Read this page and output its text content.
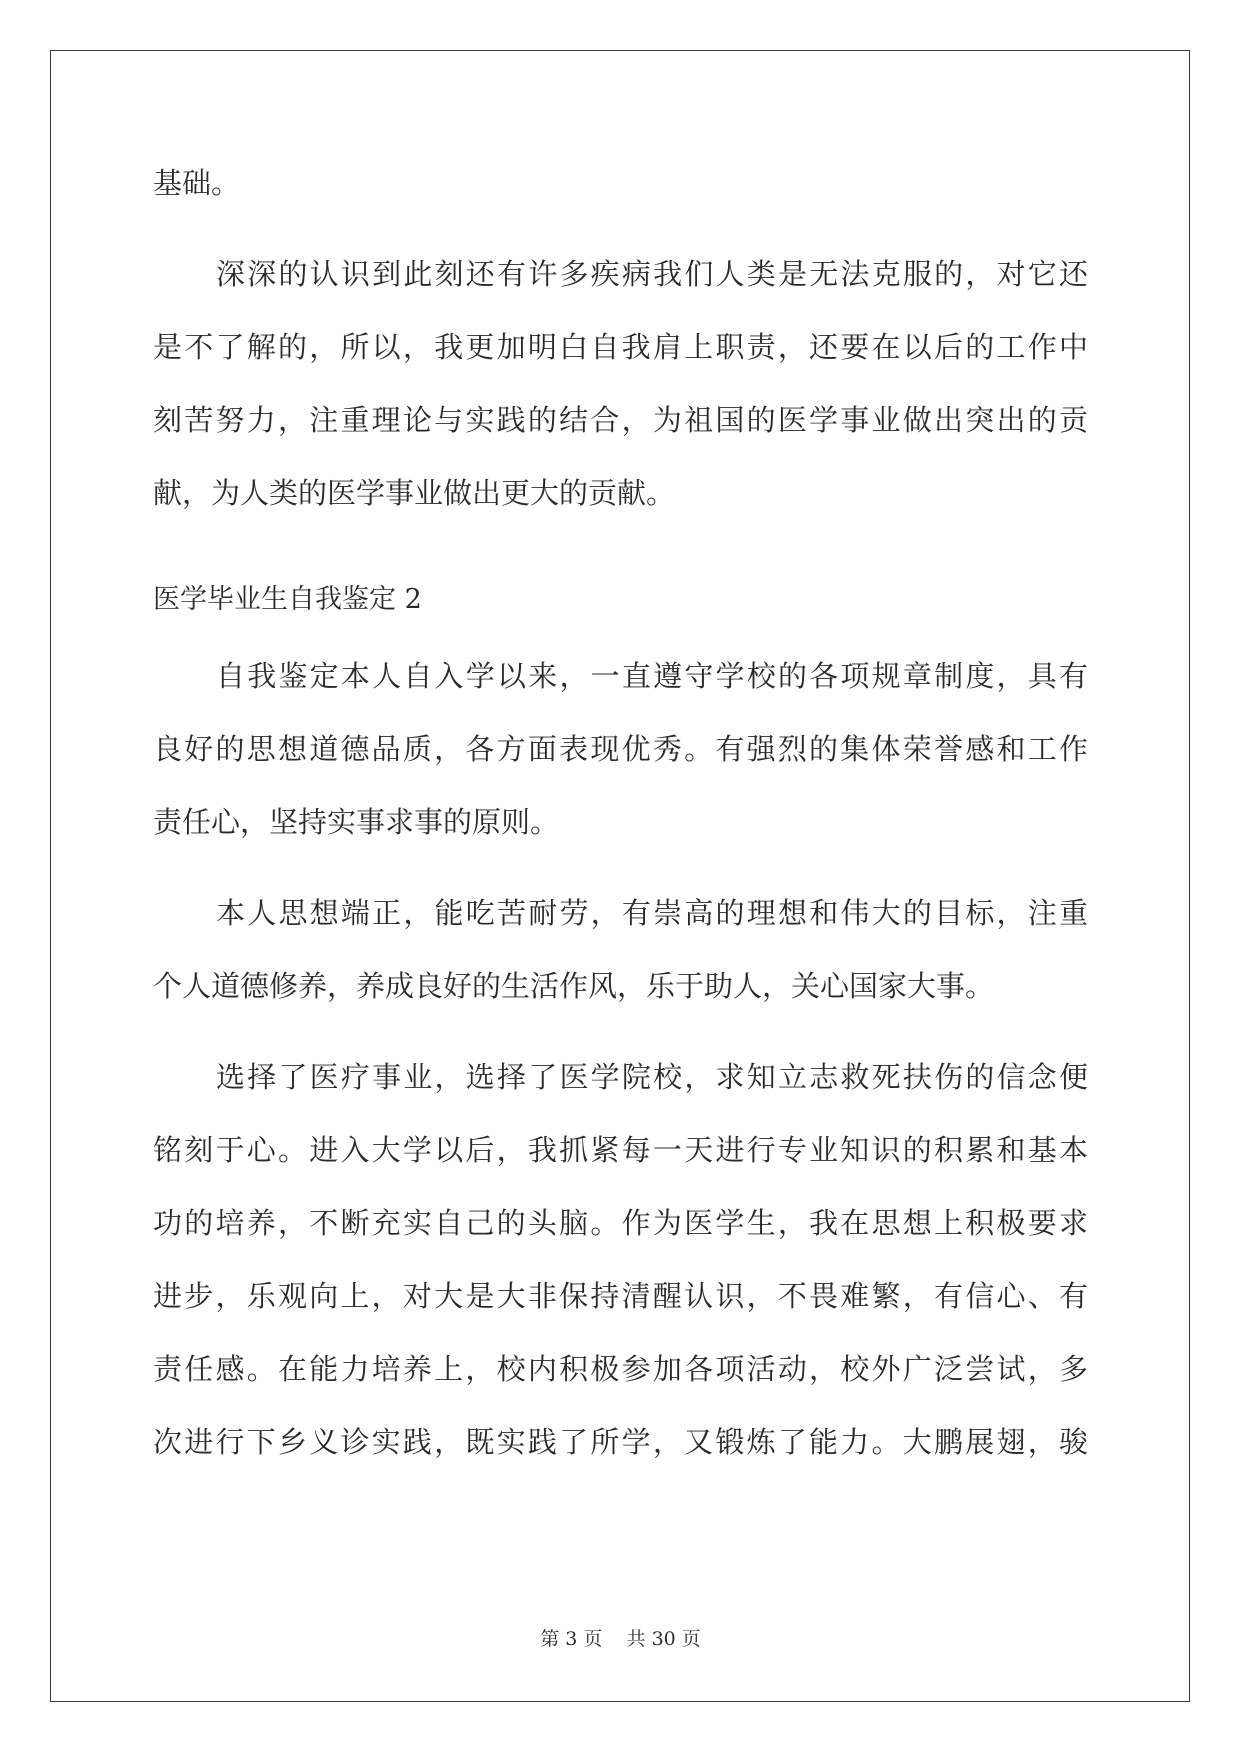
基础。
深深的认识到此刻还有许多疾病我们人类是无法克服的，对它还
是不了解的，所以，我更加明白自我肩上职责，还要在以后的工作中
刻苦努力，注重理论与实践的结合，为祖国的医学事业做出突出的贡
献，为人类的医学事业做出更大的贡献。
医学毕业生自我鉴定 2
自我鉴定本人自入学以来，一直遵守学校的各项规章制度，具有
良好的思想道德品质，各方面表现优秀。有强烈的集体荣誉感和工作
责任心，坚持实事求事的原则。
本人思想端正，能吃苦耐劳，有崇高的理想和伟大的目标，注重
个人道德修养，养成良好的生活作风，乐于助人，关心国家大事。
选择了医疗事业，选择了医学院校，求知立志救死扶伤的信念便
铭刻于心。进入大学以后，我抓紧每一天进行专业知识的积累和基本
功的培养，不断充实自己的头脑。作为医学生，我在思想上积极要求
进步，乐观向上，对大是大非保持清醒认识，不畏难繁，有信心、有
责任感。在能力培养上，校内积极参加各项活动，校外广泛尝试，多
次进行下乡义诊实践，既实践了所学，又锻炼了能力。大鹏展翅，骏
第 3 页    共 30 页
